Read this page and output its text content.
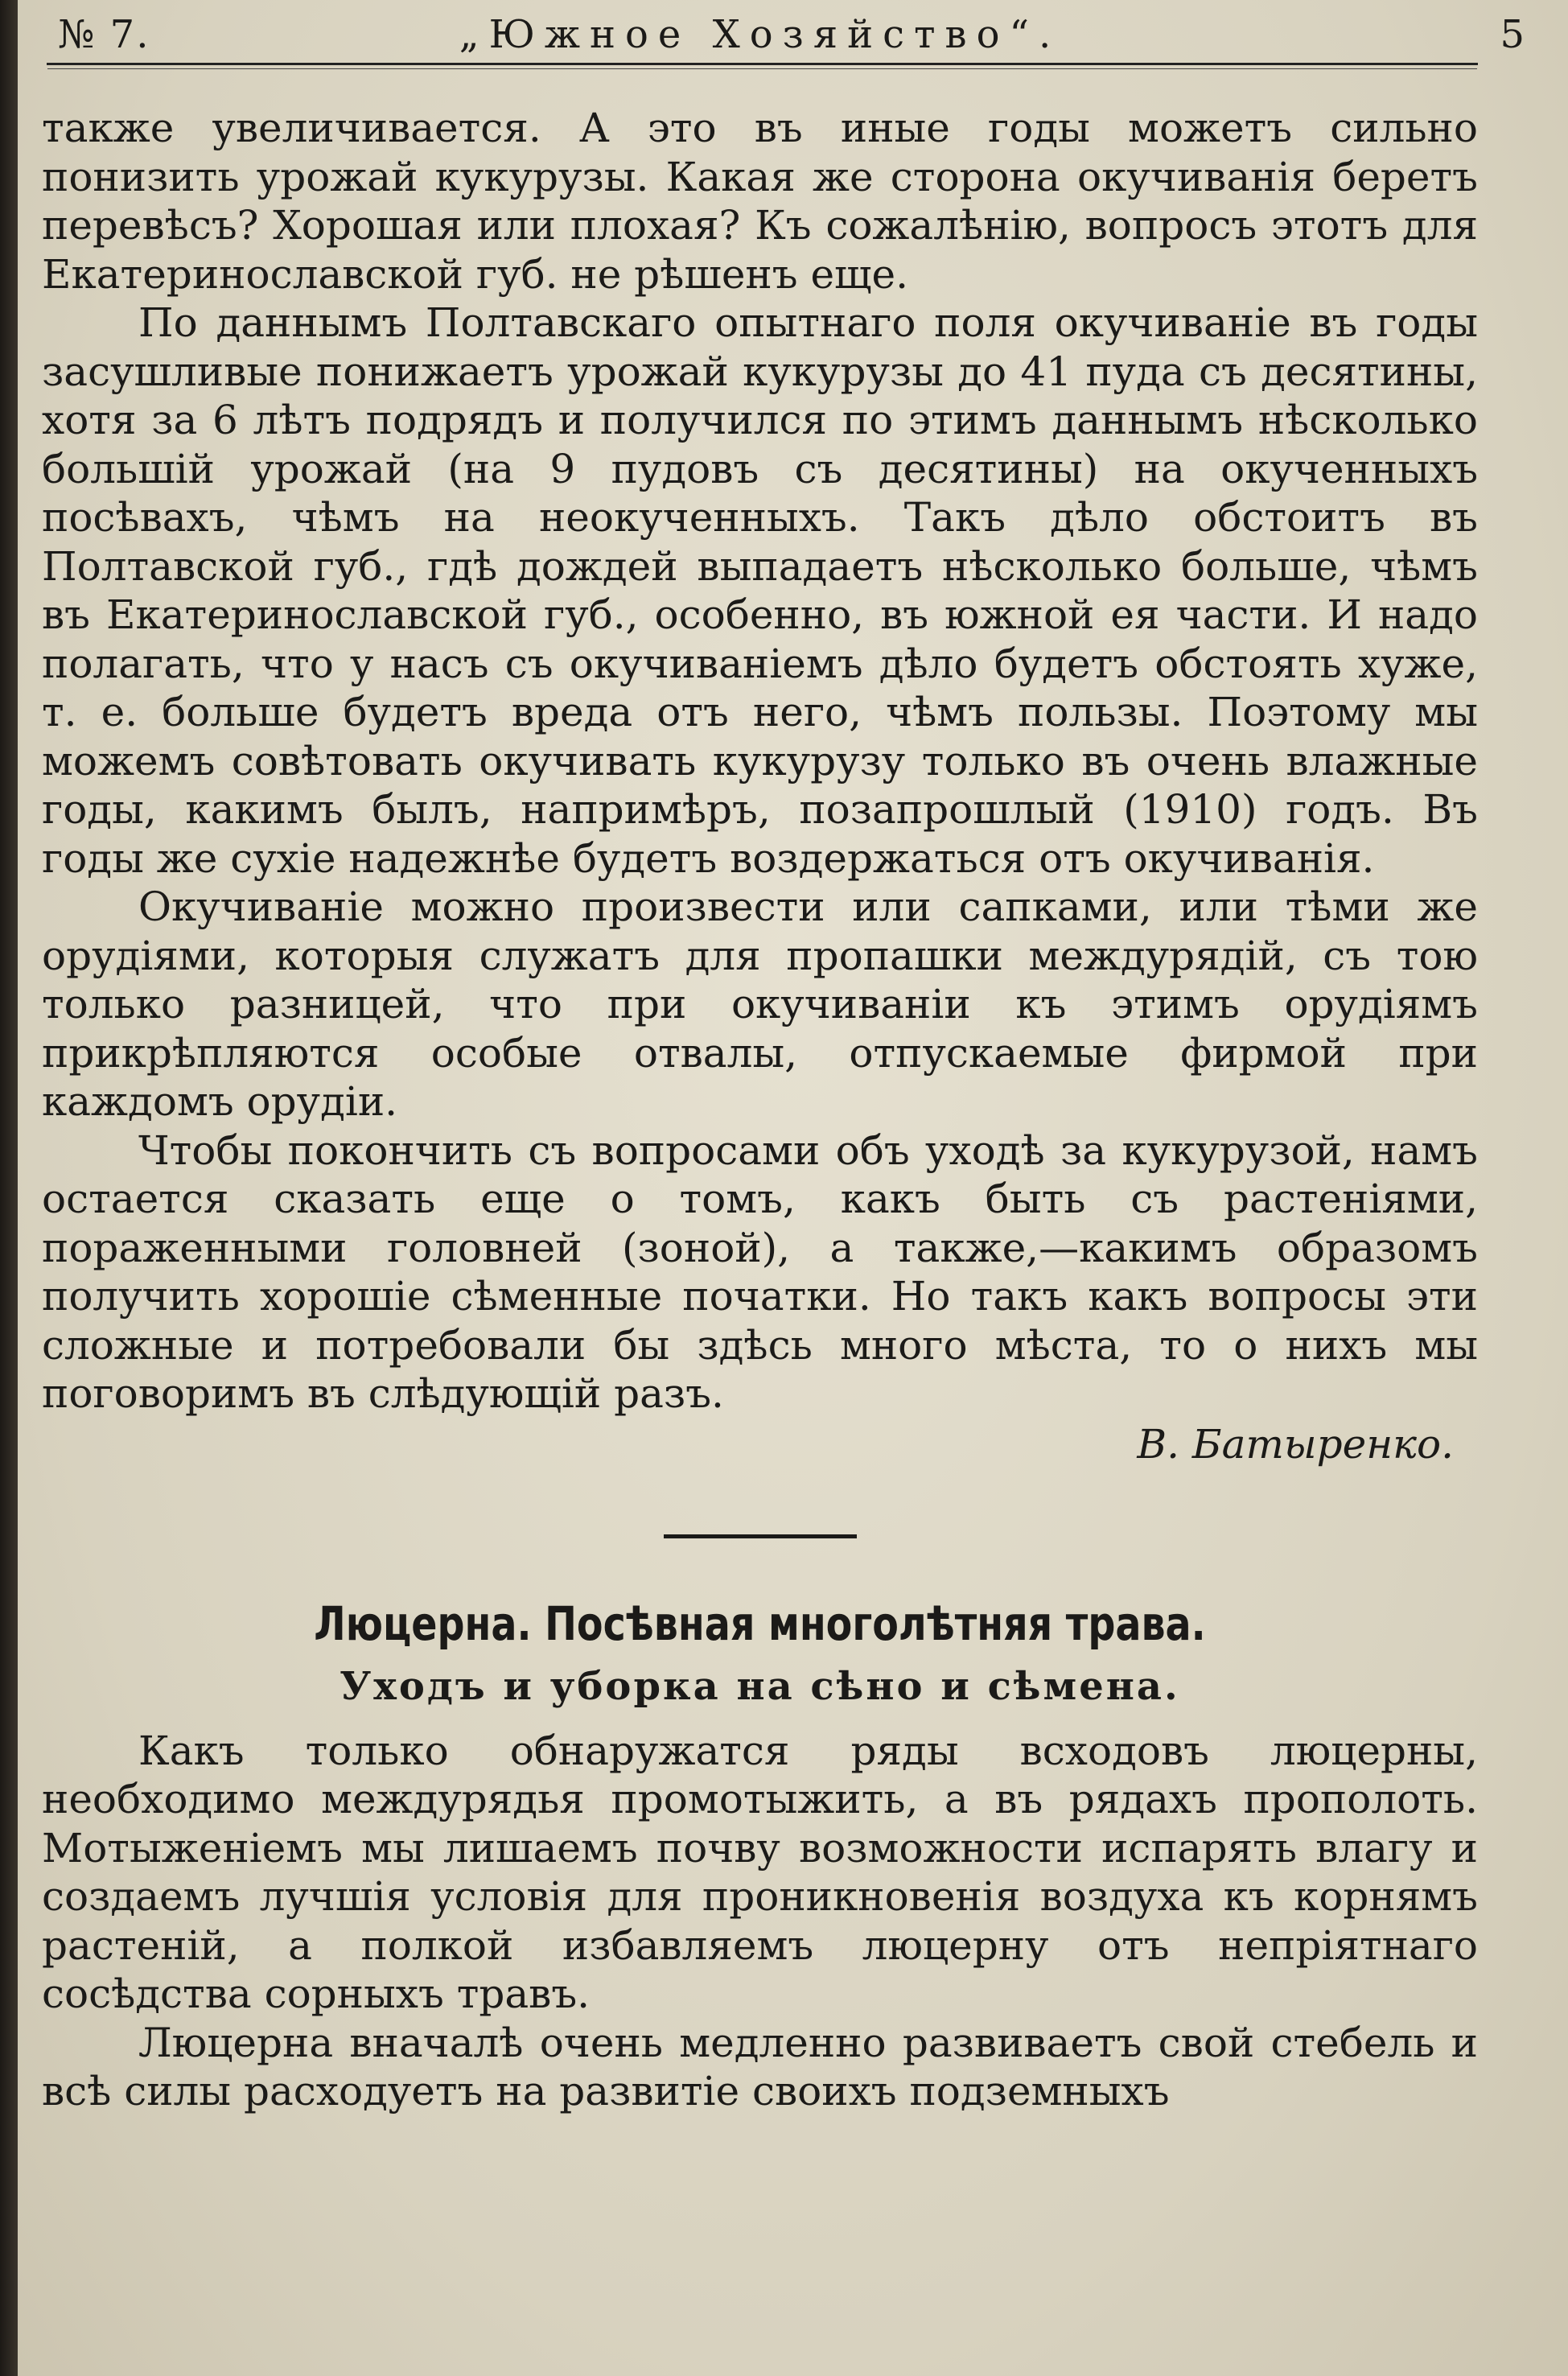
№ 7.	„Южное Хозяйство“.	5

также увеличивается. А это въ иные годы можетъ сильно понизить урожай кукурузы. Какая же сторона окучиванія беретъ перевѣсъ? Хорошая или плохая? Къ сожалѣнію, вопросъ этотъ для Екатеринославской губ. не рѣшенъ еще.

По даннымъ Полтавскаго опытнаго поля окучиваніе въ годы засушливые понижаетъ урожай кукурузы до 41 пуда съ десятины, хотя за 6 лѣтъ подрядъ и получился по этимъ даннымъ нѣсколько большій урожай (на 9 пудовъ съ десятины) на окученныхъ посѣвахъ, чѣмъ на неокученныхъ. Такъ дѣло обстоитъ въ Полтавской губ., гдѣ дождей выпадаетъ нѣсколько больше, чѣмъ въ Екатеринославской губ., особенно, въ южной ея части. И надо полагать, что у насъ съ окучиваніемъ дѣло будетъ обстоять хуже, т. е. больше будетъ вреда отъ него, чѣмъ пользы. Поэтому мы можемъ совѣтовать окучивать кукурузу только въ очень влажные годы, какимъ былъ, напримѣръ, позапрошлый (1910) годъ. Въ годы же сухіе надежнѣе будетъ воздержаться отъ окучиванія.

Окучиваніе можно произвести или сапками, или тѣми же орудіями, которыя служатъ для пропашки междурядій, съ тою только разницей, что при окучиваніи къ этимъ орудіямъ прикрѣпляются особые отвалы, отпускаемые фирмой при каждомъ орудіи.

Чтобы покончить съ вопросами объ уходѣ за кукурузой, намъ остается сказать еще о томъ, какъ быть съ растеніями, пораженными головней (зоной), а также,—какимъ образомъ получить хорошіе сѣменные початки. Но такъ какъ вопросы эти сложные и потребовали бы здѣсь много мѣста, то о нихъ мы поговоримъ въ слѣдующій разъ.

В. Батыренко.
Люцерна. Посѣвная многолѣтняя трава.
Уходъ и уборка на сѣно и сѣмена.

Какъ только обнаружатся ряды всходовъ люцерны, необходимо междурядья промотыжить, а въ рядахъ прополоть. Мотыженіемъ мы лишаемъ почву возможности испарять влагу и создаемъ лучшія условія для проникновенія воздуха къ корнямъ растеній, а полкой избавляемъ люцерну отъ непріятнаго сосѣдства сорныхъ травъ.

Люцерна вначалѣ очень медленно развиваетъ свой стебель и всѣ силы расходуетъ на развитіе своихъ подземныхъ
